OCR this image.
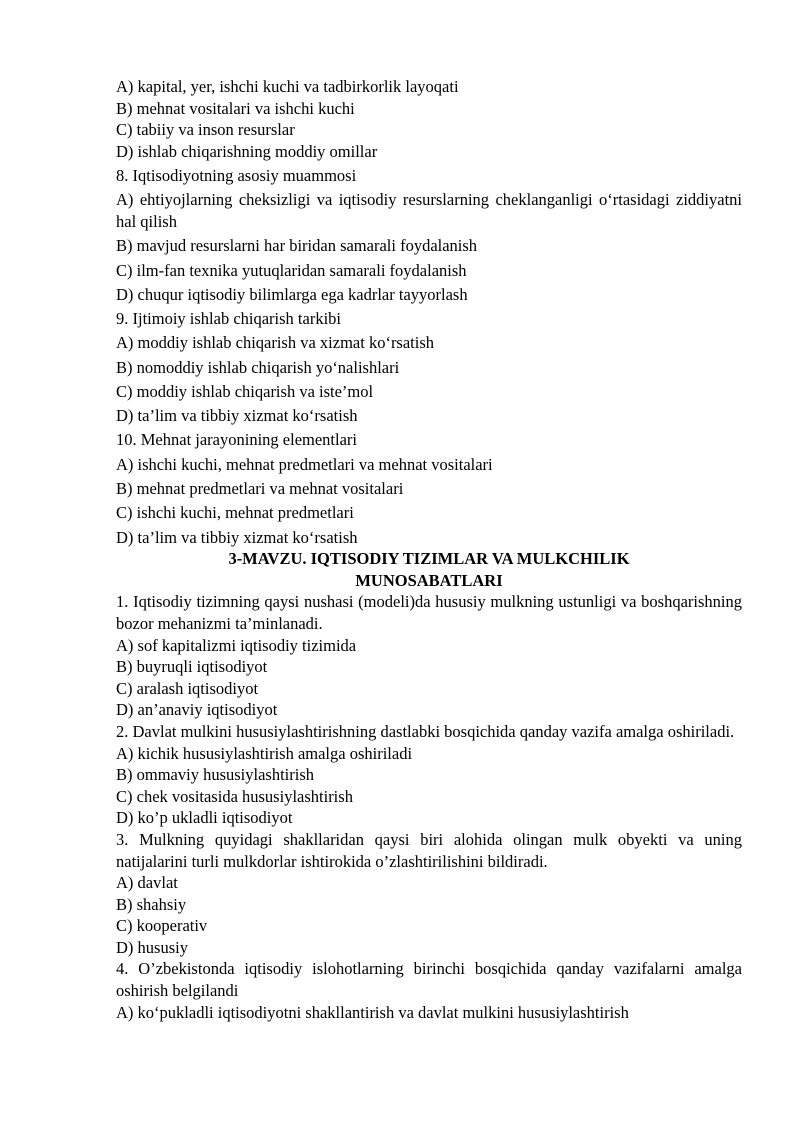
A) kapital, yer, ishchi kuchi va tadbirkorlik layoqati
B) mehnat vositalari va ishchi kuchi
C) tabiiy va inson resurslar
D) ishlab chiqarishning moddiy omillar
8. Iqtisodiyotning asosiy muammosi
A) ehtiyojlarning cheksizligi va iqtisodiy resurslarning cheklanganligi o‘rtasidagi ziddiyatni hal qilish
B) mavjud resurslarni har biridan samarali foydalanish
C) ilm-fan texnika yutuqlaridan samarali foydalanish
D) chuqur iqtisodiy bilimlarga ega kadrlar tayyorlash
9. Ijtimoiy ishlab chiqarish tarkibi
A) moddiy ishlab chiqarish va xizmat ko‘rsatish
B) nomoddiy ishlab chiqarish yo‘nalishlari
C) moddiy ishlab chiqarish va iste’mol
D) ta’lim va tibbiy xizmat ko‘rsatish
10. Mehnat jarayonining elementlari
A) ishchi kuchi, mehnat predmetlari va mehnat vositalari
B) mehnat predmetlari va mehnat vositalari
C) ishchi kuchi, mehnat predmetlari
D) ta’lim va tibbiy xizmat ko‘rsatish
3-MAVZU. IQTISODIY TIZIMLAR VA MULKCHILIK
MUNOSABATLARI
1. Iqtisodiy tizimning qaysi nushasi (modeli)da hususiy mulkning ustunligi va boshqarishning bozor mehanizmi ta’minlanadi.
A) sof kapitalizmi iqtisodiy tizimida
B) buyruqli iqtisodiyot
C) aralash iqtisodiyot
D) an’anaviy iqtisodiyot
2. Davlat mulkini hususiylashtirishning dastlabki bosqichida qanday vazifa amalga oshiriladi.
A) kichik hususiylashtirish amalga oshiriladi
B) ommaviy hususiylashtirish
C) chek vositasida hususiylashtirish
D) ko’p ukladli iqtisodiyot
3. Mulkning quyidagi shakllaridan qaysi biri alohida olingan mulk obyekti va uning natijalarini turli mulkdorlar ishtirokida o’zlashtirilishini bildiradi.
A) davlat
B) shahsiy
C) kooperativ
D) hususiy
4. O’zbekistonda iqtisodiy islohotlarning birinchi bosqichida qanday vazifalarni amalga oshirish belgilandi
A) ko‘pukladli iqtisodiyotni shakllantirish va davlat mulkini hususiylashtirish
